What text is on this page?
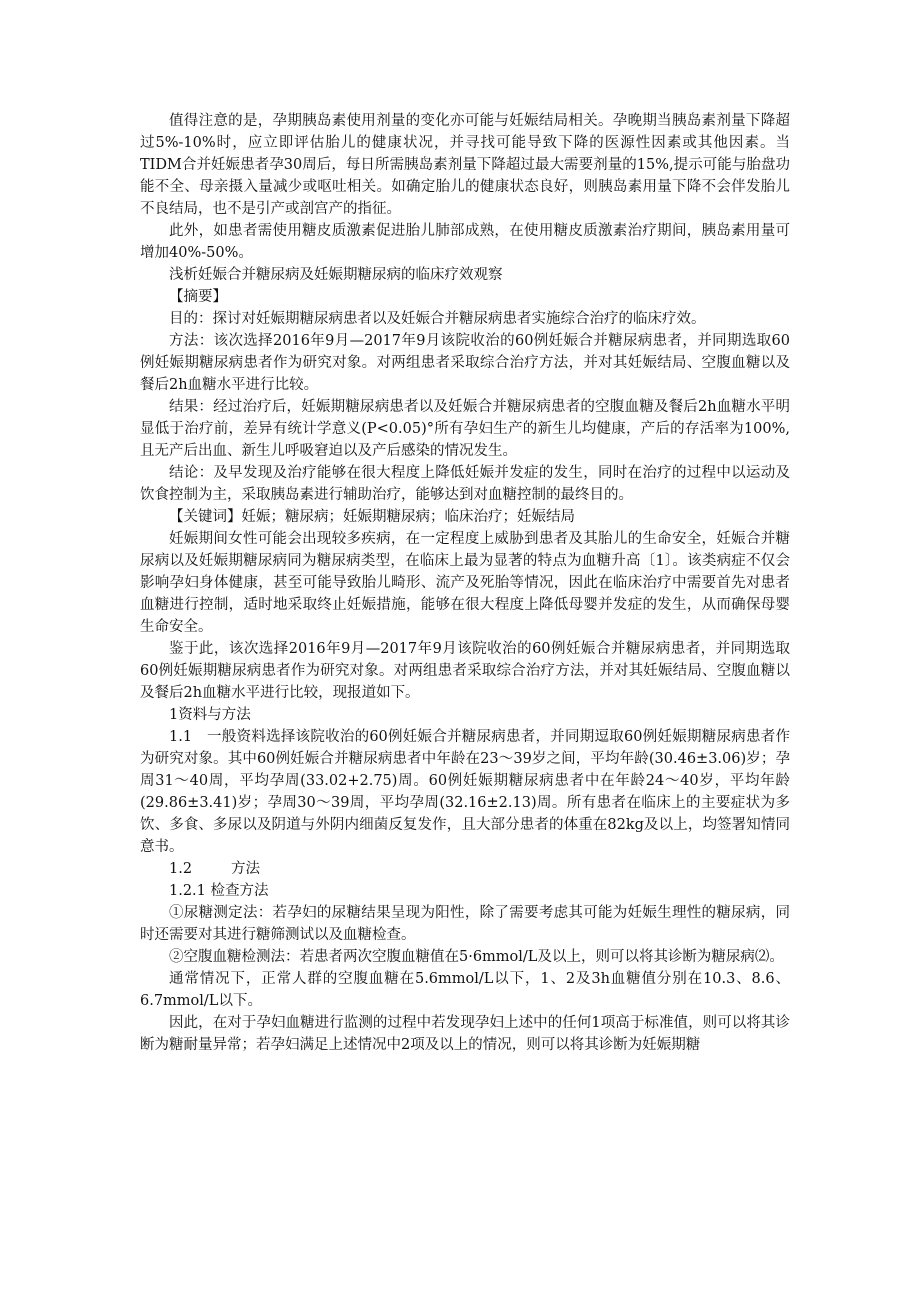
值得注意的是，孕期胰岛素使用剂量的变化亦可能与妊娠结局相关。孕晚期当胰岛素剂量下降超过5%-10%时，应立即评估胎儿的健康状况，并寻找可能导致下降的医源性因素或其他因素。当TIDM合并妊娠患者孕30周后，每日所需胰岛素剂量下降超过最大需要剂量的15%,提示可能与胎盘功能不全、母亲摄入量减少或呕吐相关。如确定胎儿的健康状态良好，则胰岛素用量下降不会伴发胎儿不良结局，也不是引产或剖宫产的指征。

此外，如患者需使用糖皮质激素促进胎儿肺部成熟，在使用糖皮质激素治疗期间，胰岛素用量可增加40%-50%。

浅析妊娠合并糖尿病及妊娠期糖尿病的临床疗效观察

【摘要】

目的：探讨对妊娠期糖尿病患者以及妊娠合并糖尿病患者实施综合治疗的临床疗效。

方法：该次选择2016年9月—2017年9月该院收治的60例妊娠合并糖尿病患者，并同期选取60例妊娠期糖尿病患者作为研究对象。对两组患者采取综合治疗方法，并对其妊娠结局、空腹血糖以及餐后2h血糖水平进行比较。

结果：经过治疗后，妊娠期糖尿病患者以及妊娠合并糖尿病患者的空腹血糖及餐后2h血糖水平明显低于治疗前，差异有统计学意义(P<0.05)°所有孕妇生产的新生儿均健康，产后的存活率为100%,且无产后出血、新生儿呼吸窘迫以及产后感染的情况发生。

结论：及早发现及治疗能够在很大程度上降低妊娠并发症的发生，同时在治疗的过程中以运动及饮食控制为主，采取胰岛素进行辅助治疗，能够达到对血糖控制的最终目的。

【关键词】妊娠；糖尿病；妊娠期糖尿病；临床治疗；妊娠结局

妊娠期间女性可能会出现较多疾病，在一定程度上威胁到患者及其胎儿的生命安全，妊娠合并糖尿病以及妊娠期糖尿病同为糖尿病类型，在临床上最为显著的特点为血糖升高〔1〕。该类病症不仅会影响孕妇身体健康，甚至可能导致胎儿畸形、流产及死胎等情况，因此在临床治疗中需要首先对患者血糖进行控制，适时地采取终止妊娠措施，能够在很大程度上降低母婴并发症的发生，从而确保母婴生命安全。

鉴于此，该次选择2016年9月—2017年9月该院收治的60例妊娠合并糖尿病患者，并同期选取60例妊娠期糖尿病患者作为研究对象。对两组患者采取综合治疗方法，并对其妊娠结局、空腹血糖以及餐后2h血糖水平进行比较，现报道如下。

1资料与方法

1.1　一般资料选择该院收治的60例妊娠合并糖尿病患者，并同期逗取60例妊娠期糖尿病患者作为研究对象。其中60例妊娠合并糖尿病患者中年龄在23～39岁之间，平均年龄(30.46±3.06)岁；孕周31～40周，平均孕周(33.02+2.75)周。60例妊娠期糖尿病患者中在年龄24～40岁，平均年龄(29.86±3.41)岁；孕周30～39周，平均孕周(32.16±2.13)周。所有患者在临床上的主要症状为多饮、多食、多尿以及阴道与外阴内细菌反复发作，且大部分患者的体重在82kg及以上，均签署知情同意书。

1.2	方法

1.2.1 检查方法

①尿糖测定法：若孕妇的尿糖结果呈现为阳性，除了需要考虑其可能为妊娠生理性的糖尿病，同时还需要对其进行糖筛测试以及血糖检查。

②空腹血糖检测法：若患者两次空腹血糖值在5·6mmol/L及以上，则可以将其诊断为糖尿病⑵。

通常情况下，正常人群的空腹血糖在5.6mmol/L以下，1、2及3h血糖值分别在10.3、8.6、6.7mmol/L以下。

因此，在对于孕妇血糖进行监测的过程中若发现孕妇上述中的任何1项高于标准值，则可以将其诊断为糖耐量异常；若孕妇满足上述情况中2项及以上的情况，则可以将其诊断为妊娠期糖
